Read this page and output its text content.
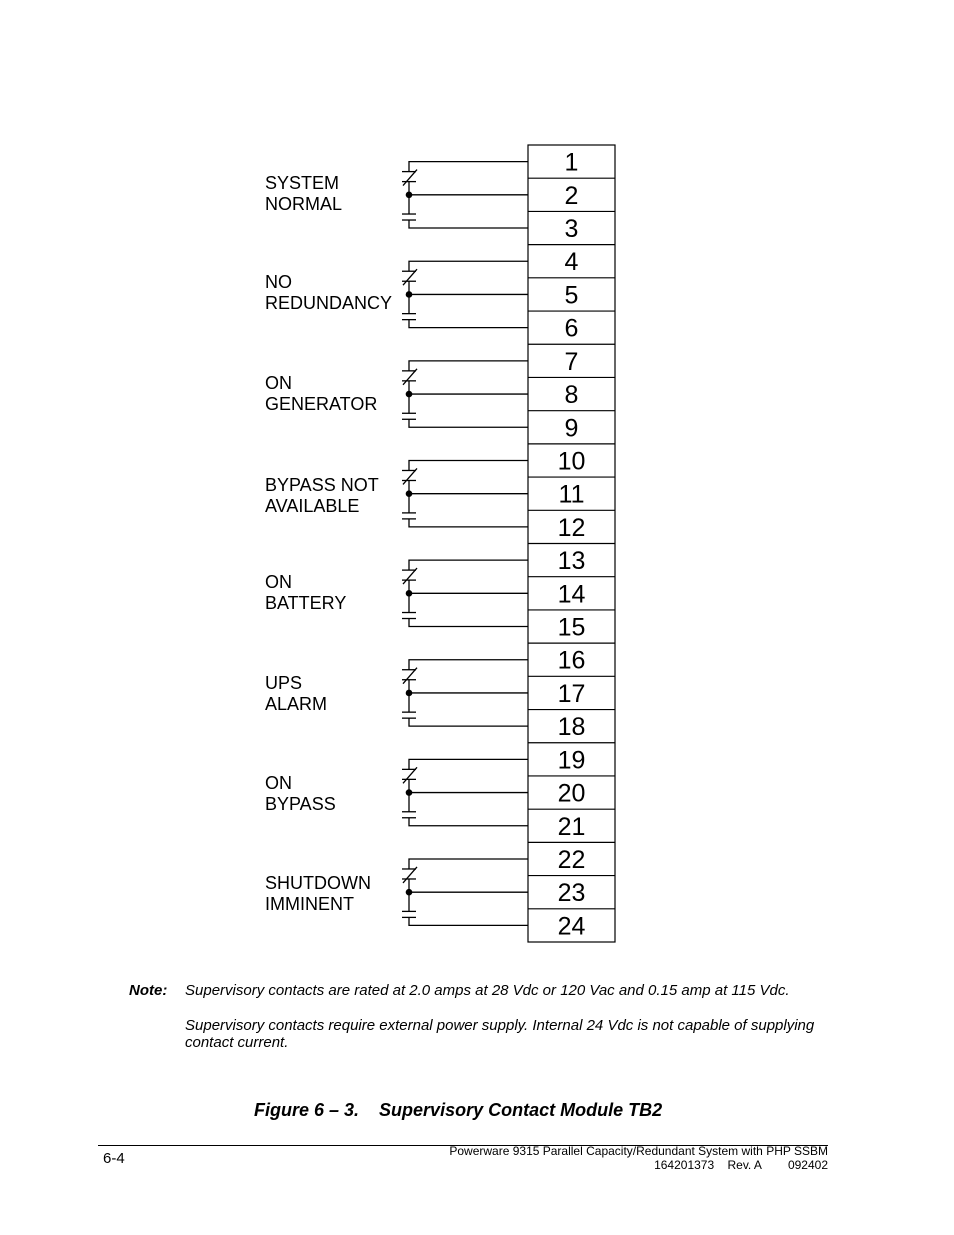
1
2
3
4
5
6
7
8
9
10
11
12
13
14
15
16
17
18
19
20
21
22
23
24
SYSTEM
NORMAL
NO
REDUNDANCY
ON
GENERATOR
BYPASS NOT
AVAILABLE
ON
BATTERY
UPS
ALARM
ON
BYPASS
SHUTDOWN
IMMINENT
Note: Supervisory contacts are rated at 2.0 amps at 28 Vdc or 120 Vac and 0.15 amp at 115 Vdc.
Supervisory contacts require external power supply. Internal 24 Vdc is not capable of supplying contact current.
Figure 6 – 3.    Supervisory Contact Module TB2
6-4	Powerware 9315 Parallel Capacity/Redundant System with PHP SSBM
164201373    Rev. A        092402
